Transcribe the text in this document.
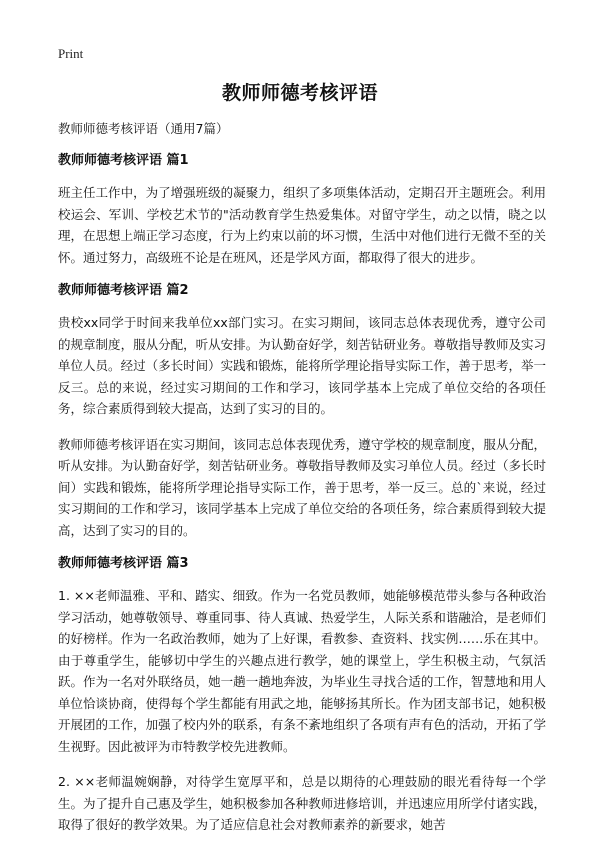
Print
教师师德考核评语

教师师德考核评语（通用7篇）

教师师德考核评语 篇1

班主任工作中，为了增强班级的凝聚力，组织了多项集体活动，定期召开主题班会。利用校运会、军训、学校艺术节的"活动教育学生热爱集体。对留守学生，动之以情，晓之以理，在思想上端正学习态度，行为上约束以前的坏习惯，生活中对他们进行无微不至的关怀。通过努力，高级班不论是在班风，还是学风方面，都取得了很大的进步。

教师师德考核评语 篇2

贵校xx同学于时间来我单位xx部门实习。在实习期间，该同志总体表现优秀，遵守公司的规章制度，服从分配，听从安排。为认勤奋好学，刻苦钻研业务。尊敬指导教师及实习单位人员。经过（多长时间）实践和锻炼，能将所学理论指导实际工作，善于思考，举一反三。总的来说，经过实习期间的工作和学习，该同学基本上完成了单位交给的各项任务，综合素质得到较大提高，达到了实习的目的。

教师师德考核评语在实习期间，该同志总体表现优秀，遵守学校的规章制度，服从分配，听从安排。为认勤奋好学，刻苦钻研业务。尊敬指导教师及实习单位人员。经过（多长时间）实践和锻炼，能将所学理论指导实际工作，善于思考，举一反三。总的`来说，经过实习期间的工作和学习，该同学基本上完成了单位交给的各项任务，综合素质得到较大提高，达到了实习的目的。

教师师德考核评语 篇3

1. ××老师温雅、平和、踏实、细致。作为一名党员教师，她能够模范带头参与各种政治学习活动，她尊敬领导、尊重同事、待人真诚、热爱学生，人际关系和谐融洽，是老师们的好榜样。作为一名政治教师，她为了上好课，看教参、查资料、找实例……乐在其中。由于尊重学生，能够切中学生的兴趣点进行教学，她的课堂上，学生积极主动，气氛活跃。作为一名对外联络员，她一趟一趟地奔波，为毕业生寻找合适的工作，智慧地和用人单位恰谈协商，使得每个学生都能有用武之地，能够扬其所长。作为团支部书记，她积极开展团的工作，加强了校内外的联系，有条不紊地组织了各项有声有色的活动，开拓了学生视野。因此被评为市特教学校先进教师。

2. ××老师温婉娴静，对待学生宽厚平和，总是以期待的心理鼓励的眼光看待每一个学生。为了提升自己惠及学生，她积极参加各种教师进修培训，并迅速应用所学付诸实践，取得了很好的教学效果。为了适应信息社会对教师素养的新要求，她苦
